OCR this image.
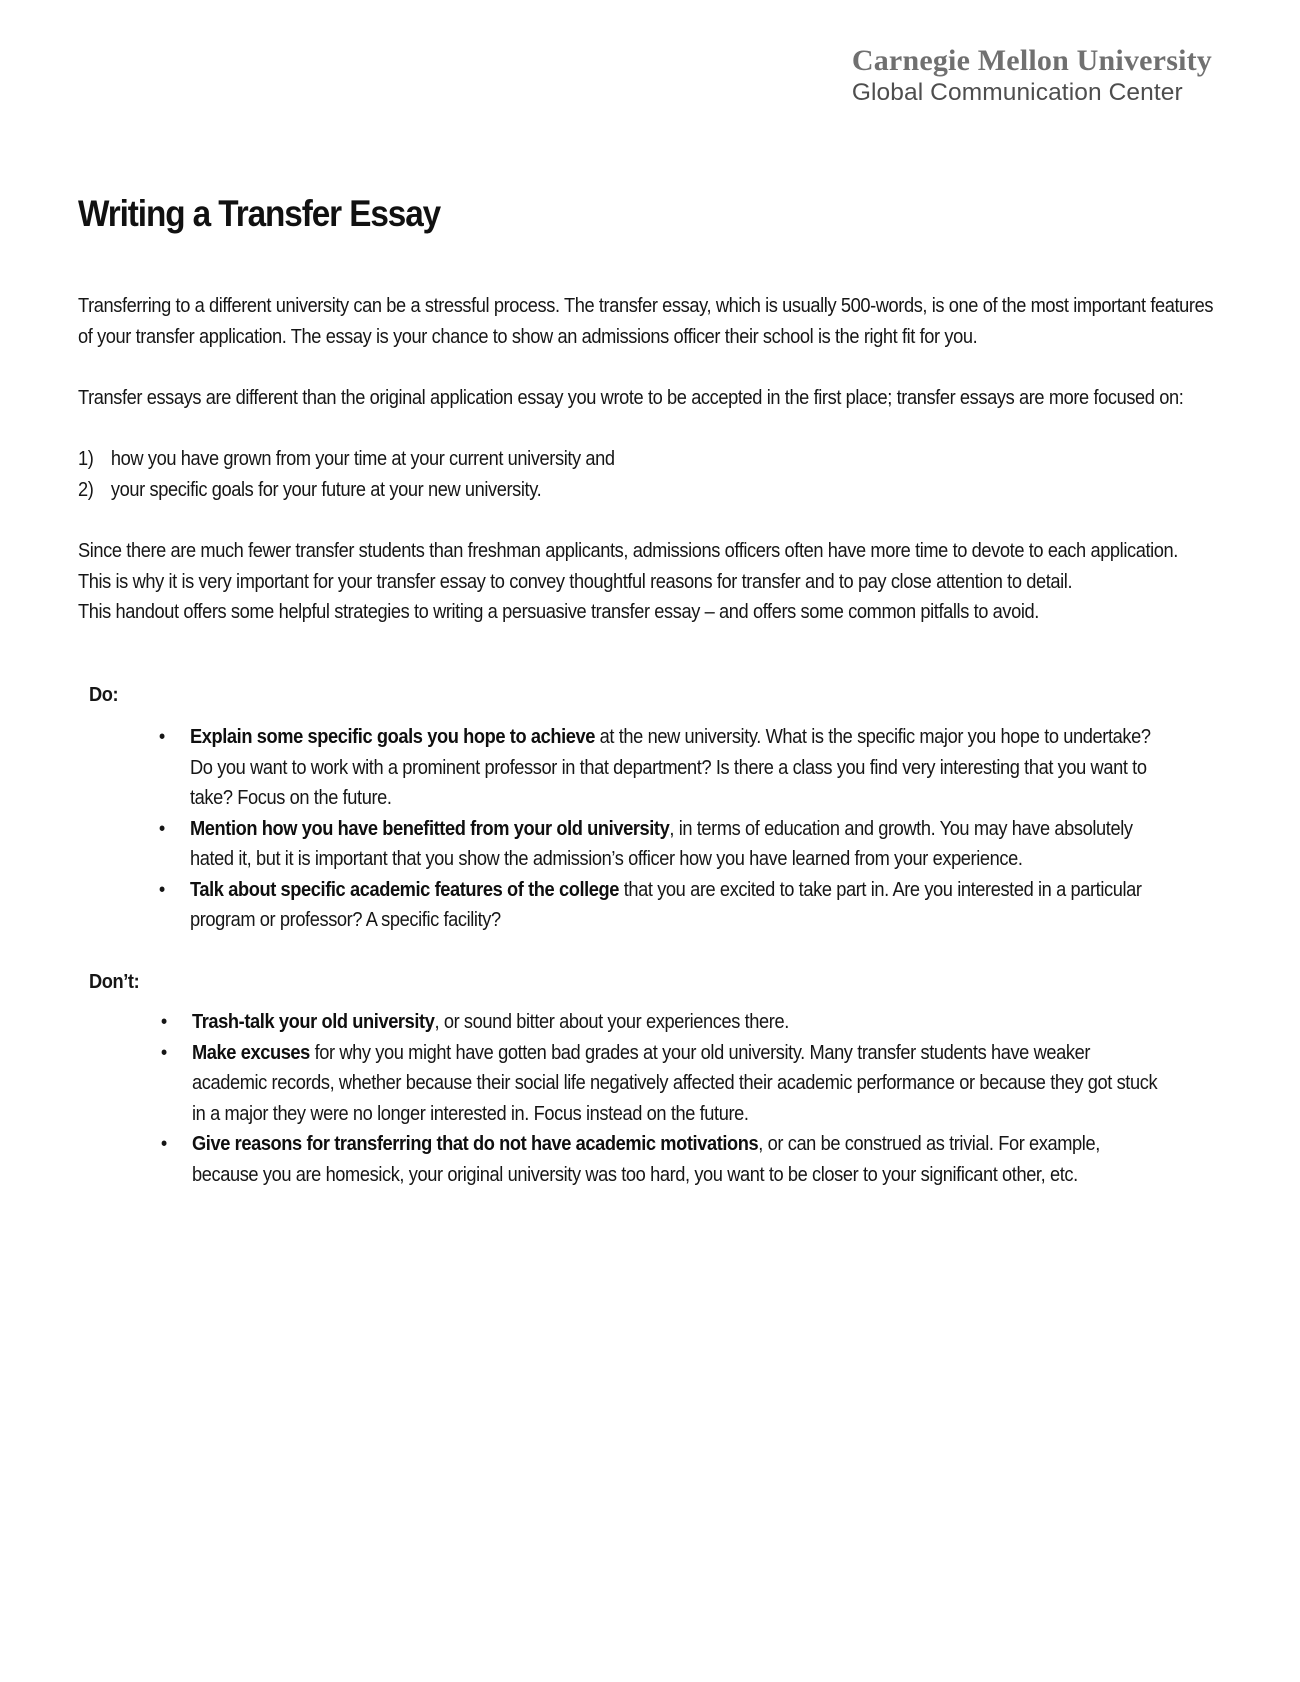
Carnegie Mellon University
Global Communication Center
Writing a Transfer Essay
Transferring to a different university can be a stressful process. The transfer essay, which is usually 500-words, is one of the most important features
of your transfer application. The essay is your chance to show an admissions officer their school is the right fit for you.
Transfer essays are different than the original application essay you wrote to be accepted in the first place; transfer essays are more focused on:
1) how you have grown from your time at your current university and
2) your specific goals for your future at your new university.
Since there are much fewer transfer students than freshman applicants, admissions officers often have more time to devote to each application.
This is why it is very important for your transfer essay to convey thoughtful reasons for transfer and to pay close attention to detail.
This handout offers some helpful strategies to writing a persuasive transfer essay – and offers some common pitfalls to avoid.
Do:
• Explain some specific goals you hope to achieve at the new university. What is the specific major you hope to undertake?
Do you want to work with a prominent professor in that department? Is there a class you find very interesting that you want to
take? Focus on the future.
• Mention how you have benefitted from your old university, in terms of education and growth. You may have absolutely
hated it, but it is important that you show the admission’s officer how you have learned from your experience.
• Talk about specific academic features of the college that you are excited to take part in. Are you interested in a particular
program or professor? A specific facility?
Don’t:
• Trash-talk your old university, or sound bitter about your experiences there.
• Make excuses for why you might have gotten bad grades at your old university. Many transfer students have weaker
academic records, whether because their social life negatively affected their academic performance or because they got stuck
in a major they were no longer interested in. Focus instead on the future.
• Give reasons for transferring that do not have academic motivations, or can be construed as trivial. For example,
because you are homesick, your original university was too hard, you want to be closer to your significant other, etc.
